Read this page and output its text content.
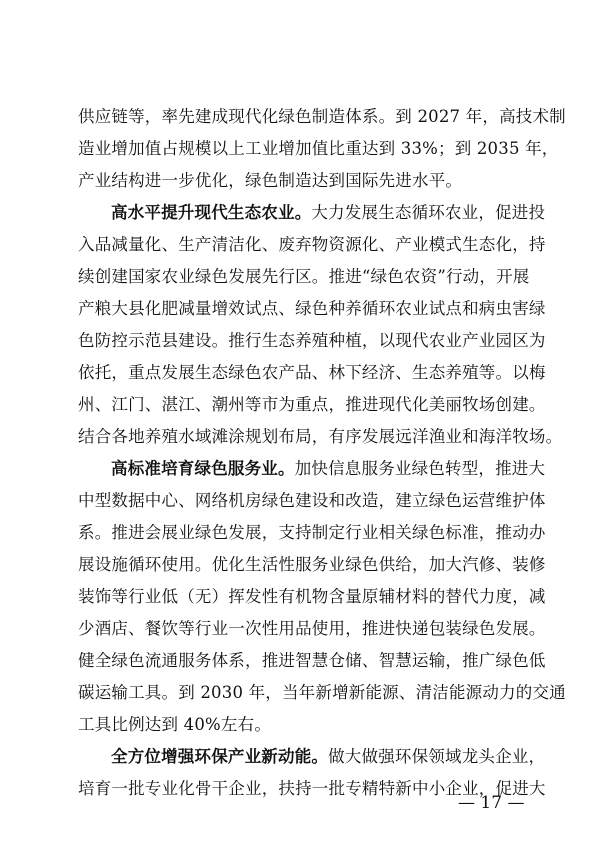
供应链等，率先建成现代化绿色制造体系。到 2027 年，高技术制
造业增加值占规模以上工业增加值比重达到 33%；到 2035 年，
产业结构进一步优化，绿色制造达到国际先进水平。
高水平提升现代生态农业。大力发展生态循环农业，促进投
入品减量化、生产清洁化、废弃物资源化、产业模式生态化，持
续创建国家农业绿色发展先行区。推进“绿色农资”行动，开展
产粮大县化肥减量增效试点、绿色种养循环农业试点和病虫害绿
色防控示范县建设。推行生态养殖种植，以现代农业产业园区为
依托，重点发展生态绿色农产品、林下经济、生态养殖等。以梅
州、江门、湛江、潮州等市为重点，推进现代化美丽牧场创建。
结合各地养殖水域滩涂规划布局，有序发展远洋渔业和海洋牧场。
高标准培育绿色服务业。加快信息服务业绿色转型，推进大
中型数据中心、网络机房绿色建设和改造，建立绿色运营维护体
系。推进会展业绿色发展，支持制定行业相关绿色标准，推动办
展设施循环使用。优化生活性服务业绿色供给，加大汽修、装修
装饰等行业低（无）挥发性有机物含量原辅材料的替代力度，减
少酒店、餐饮等行业一次性用品使用，推进快递包装绿色发展。
健全绿色流通服务体系，推进智慧仓储、智慧运输，推广绿色低
碳运输工具。到 2030 年，当年新增新能源、清洁能源动力的交通
工具比例达到 40%左右。
全方位增强环保产业新动能。做大做强环保领域龙头企业，
培育一批专业化骨干企业，扶持一批专精特新中小企业，促进大
— 17 —
